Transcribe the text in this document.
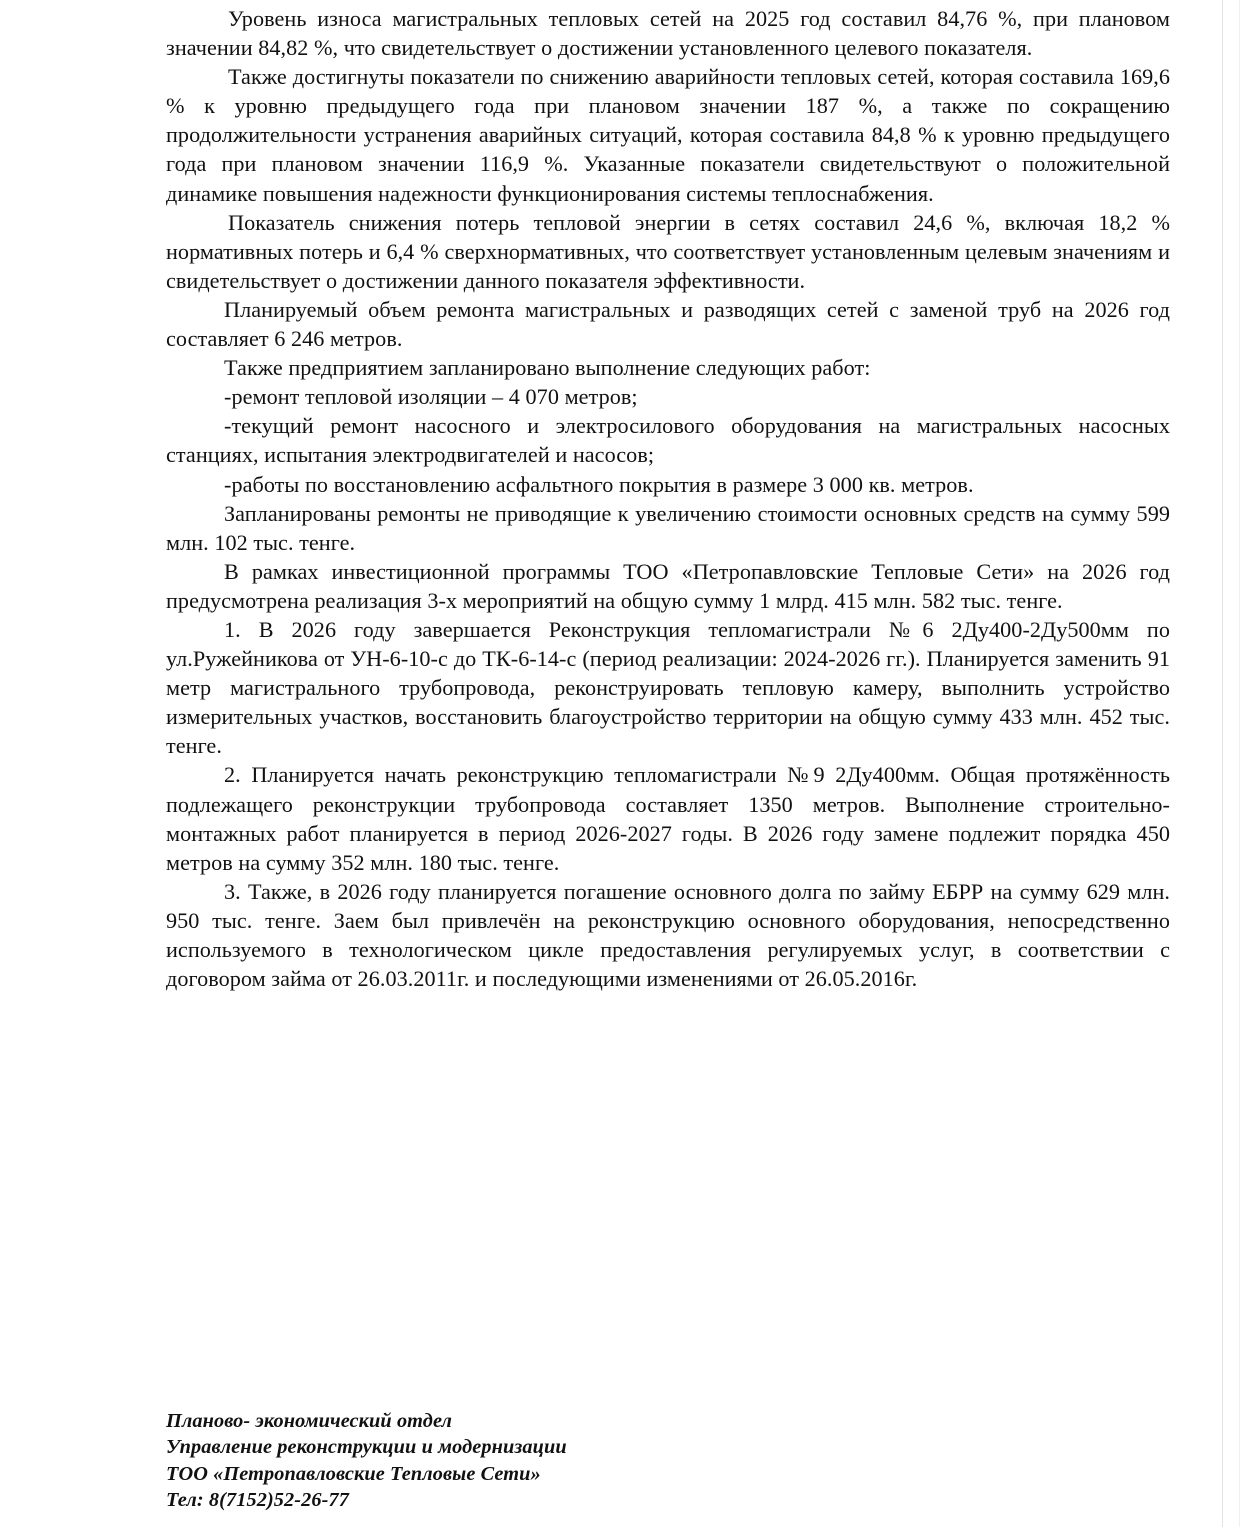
Уровень износа магистральных тепловых сетей на 2025 год составил 84,76 %, при плановом значении 84,82 %, что свидетельствует о достижении установленного целевого показателя.

Также достигнуты показатели по снижению аварийности тепловых сетей, которая составила 169,6 % к уровню предыдущего года при плановом значении 187 %, а также по сокращению продолжительности устранения аварийных ситуаций, которая составила 84,8 % к уровню предыдущего года при плановом значении 116,9 %. Указанные показатели свидетельствуют о положительной динамике повышения надежности функционирования системы теплоснабжения.

Показатель снижения потерь тепловой энергии в сетях составил 24,6 %, включая 18,2 % нормативных потерь и 6,4 % сверхнормативных, что соответствует установленным целевым значениям и свидетельствует о достижении данного показателя эффективности.

Планируемый объем ремонта магистральных и разводящих сетей с заменой труб на 2026 год составляет 6 246 метров.

Также предприятием запланировано выполнение следующих работ:

-ремонт тепловой изоляции – 4 070 метров;

-текущий ремонт насосного и электросилового оборудования на магистральных насосных станциях, испытания электродвигателей и насосов;

-работы по восстановлению асфальтного покрытия в размере 3 000 кв. метров.

Запланированы ремонты не приводящие к увеличению стоимости основных средств на сумму 599 млн. 102 тыс. тенге.

В рамках инвестиционной программы ТОО «Петропавловские Тепловые Сети» на 2026 год предусмотрена реализация 3-х мероприятий на общую сумму 1 млрд. 415 млн. 582 тыс. тенге.

1. В 2026 году завершается Реконструкция тепломагистрали №6 2Ду400-2Ду500мм по ул.Ружейникова от УН-6-10-с до ТК-6-14-с (период реализации: 2024-2026 гг.). Планируется заменить 91 метр магистрального трубопровода, реконструировать тепловую камеру, выполнить устройство измерительных участков, восстановить благоустройство территории на общую сумму 433 млн. 452 тыс. тенге.

2. Планируется начать реконструкцию тепломагистрали №9 2Ду400мм. Общая протяжённость подлежащего реконструкции трубопровода составляет 1350 метров. Выполнение строительно-монтажных работ планируется в период 2026-2027 годы. В 2026 году замене подлежит порядка 450 метров на сумму 352 млн. 180 тыс. тенге.

3. Также, в 2026 году планируется погашение основного долга по займу ЕБРР на сумму 629 млн. 950 тыс. тенге. Заем был привлечён на реконструкцию основного оборудования, непосредственно используемого в технологическом цикле предоставления регулируемых услуг, в соответствии с договором займа от 26.03.2011г. и последующими изменениями от 26.05.2016г.

Планово- экономический отдел

Управление реконструкции и модернизации

ТОО «Петропавловские Тепловые Сети»

Тел: 8(7152)52-26-77
